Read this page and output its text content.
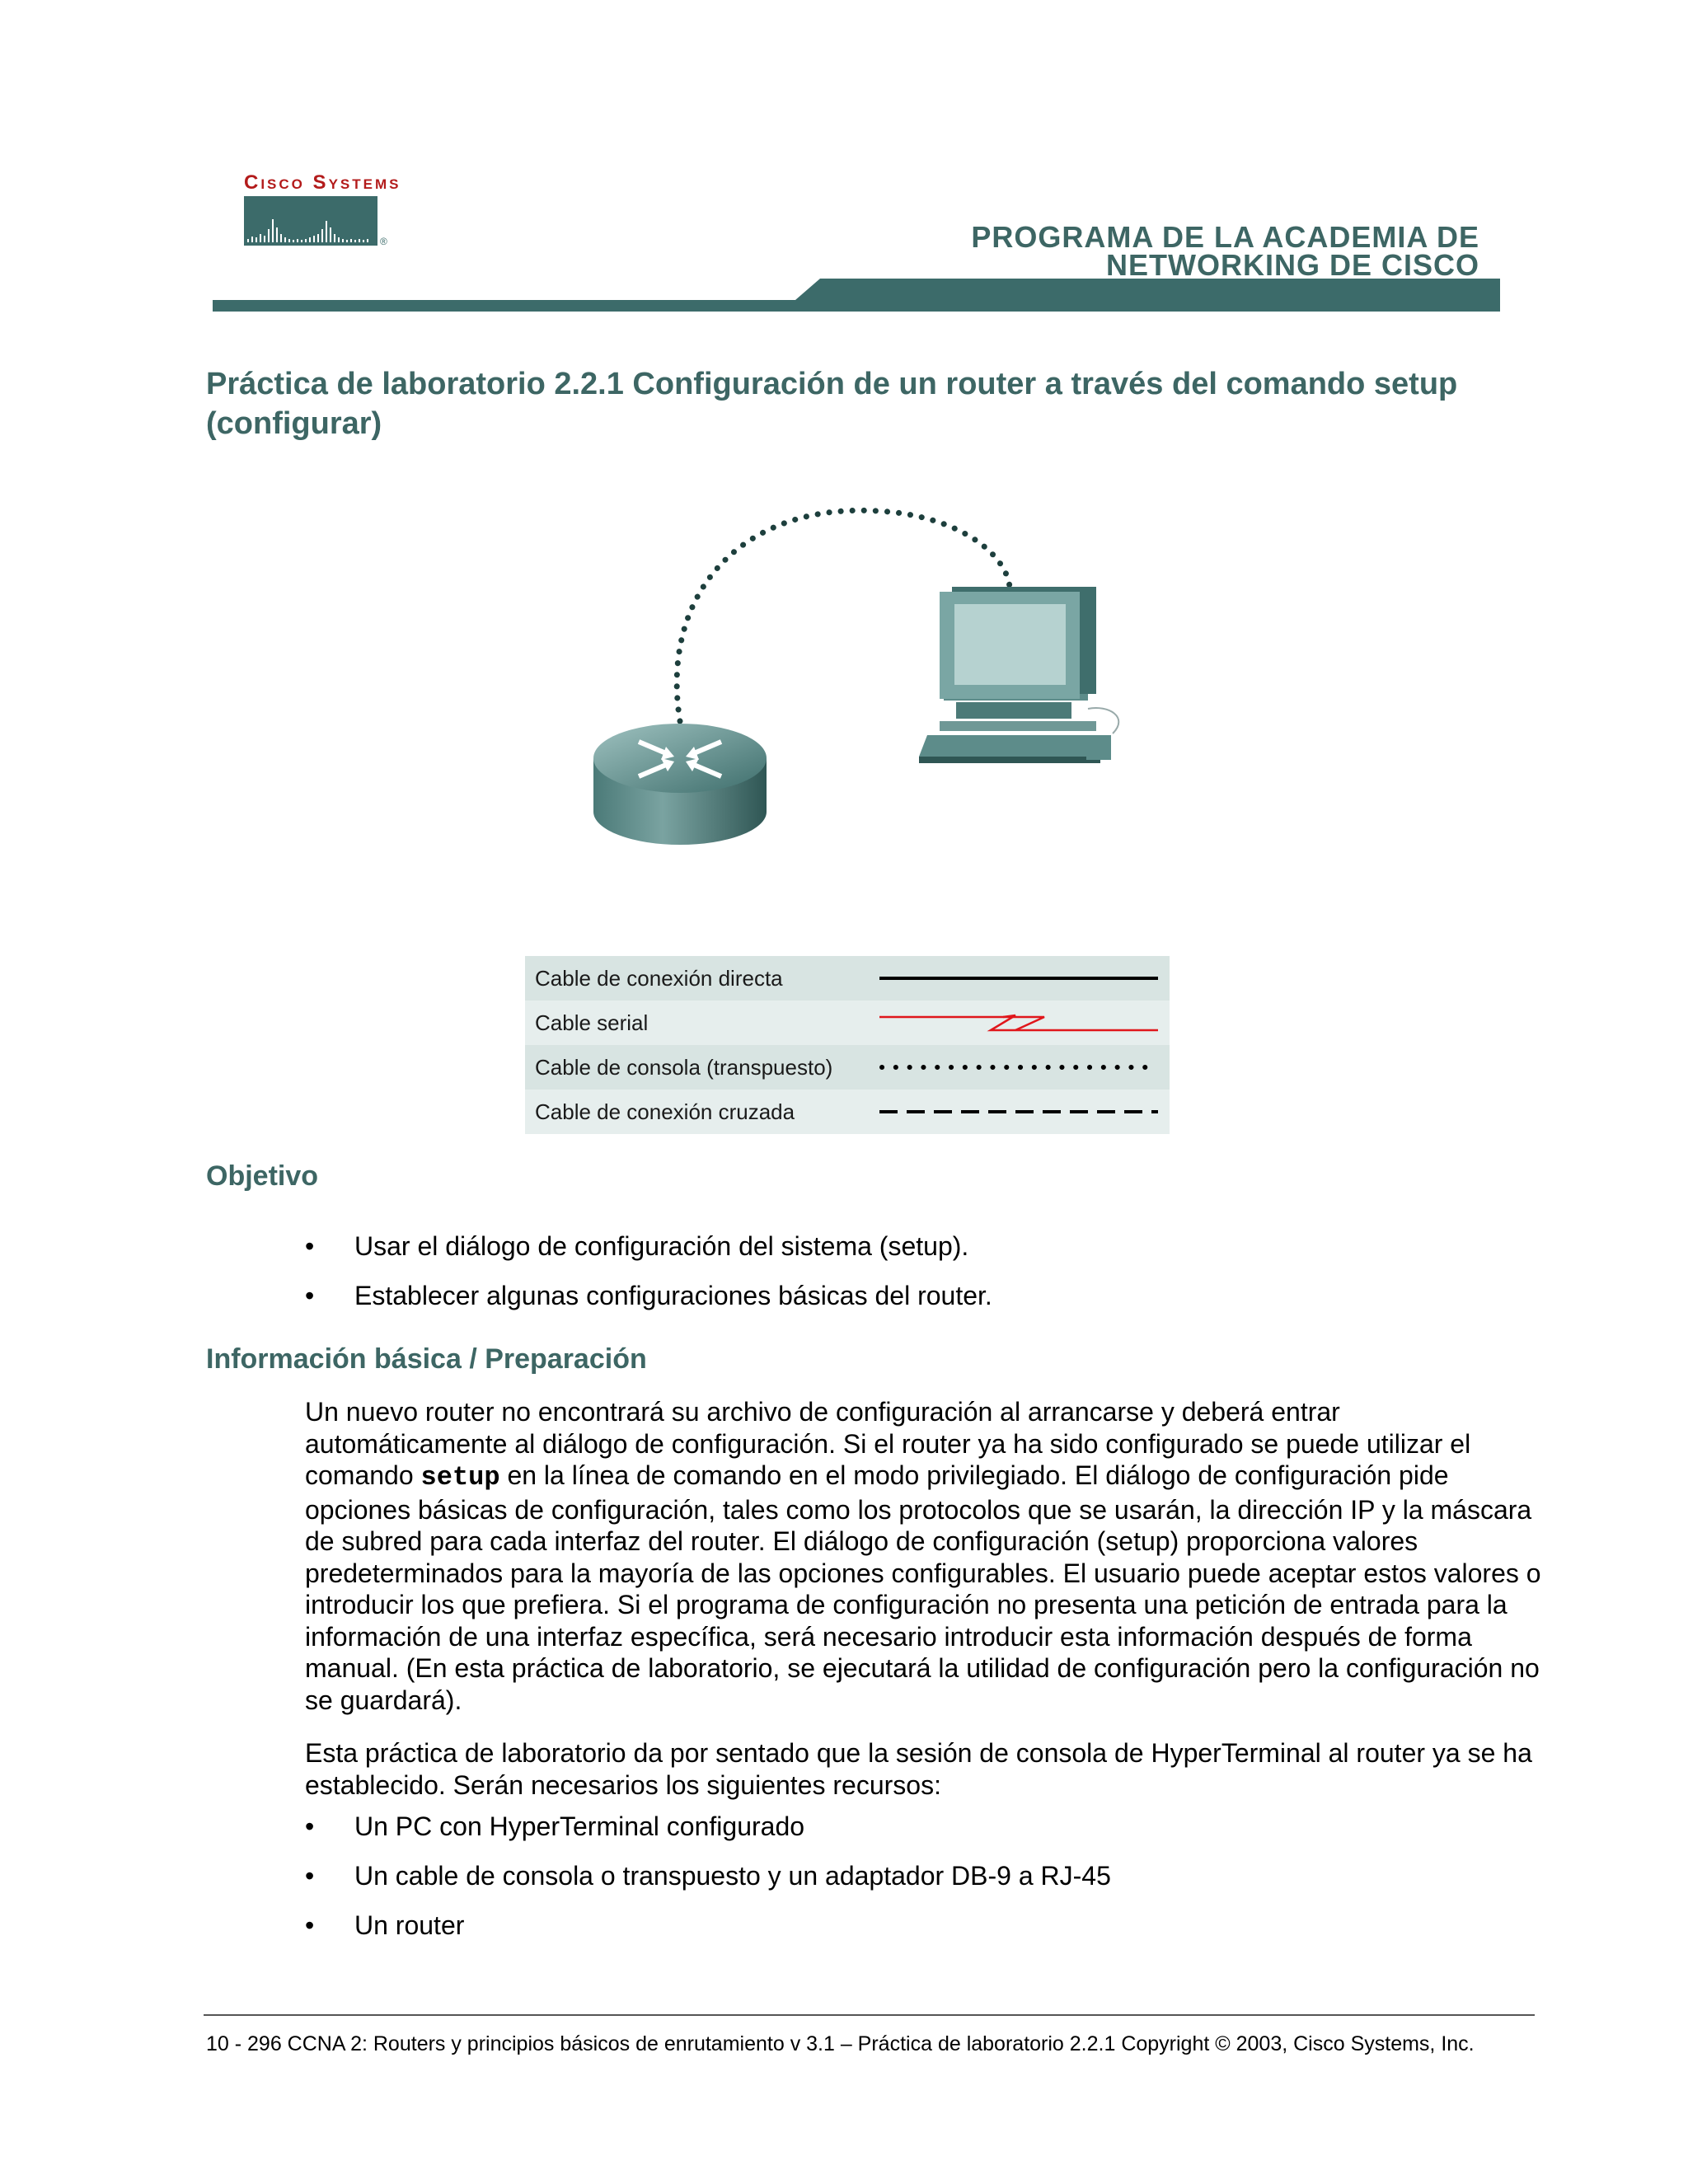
Cisco Systems
®	PROGRAMA DE LA ACADEMIA DE
NETWORKING DE CISCO
Práctica de laboratorio 2.2.1 Configuración de un router a través del comando setup (configurar)
Cable de conexión directa
Cable serial
Cable de consola (transpuesto)
Cable de conexión cruzada
Objetivo
• Usar el diálogo de configuración del sistema (setup).
• Establecer algunas configuraciones básicas del router.
Información básica / Preparación

Un nuevo router no encontrará su archivo de configuración al arrancarse y deberá entrar automáticamente al diálogo de configuración. Si el router ya ha sido configurado se puede utilizar el comando setup en la línea de comando en el modo privilegiado. El diálogo de configuración pide opciones básicas de configuración, tales como los protocolos que se usarán, la dirección IP y la máscara de subred para cada interfaz del router. El diálogo de configuración (setup) proporciona valores predeterminados para la mayoría de las opciones configurables. El usuario puede aceptar estos valores o introducir los que prefiera. Si el programa de configuración no presenta una petición de entrada para la información de una interfaz específica, será necesario introducir esta información después de forma manual. (En esta práctica de laboratorio, se ejecutará la utilidad de configuración pero la configuración no se guardará).

Esta práctica de laboratorio da por sentado que la sesión de consola de HyperTerminal al router ya se ha establecido. Serán necesarios los siguientes recursos:

• Un PC con HyperTerminal configurado
• Un cable de consola o transpuesto y un adaptador DB-9 a RJ-45
• Un router
10 - 296 CCNA 2: Routers y principios básicos de enrutamiento v 3.1 – Práctica de laboratorio 2.2.1 Copyright © 2003, Cisco Systems, Inc.
